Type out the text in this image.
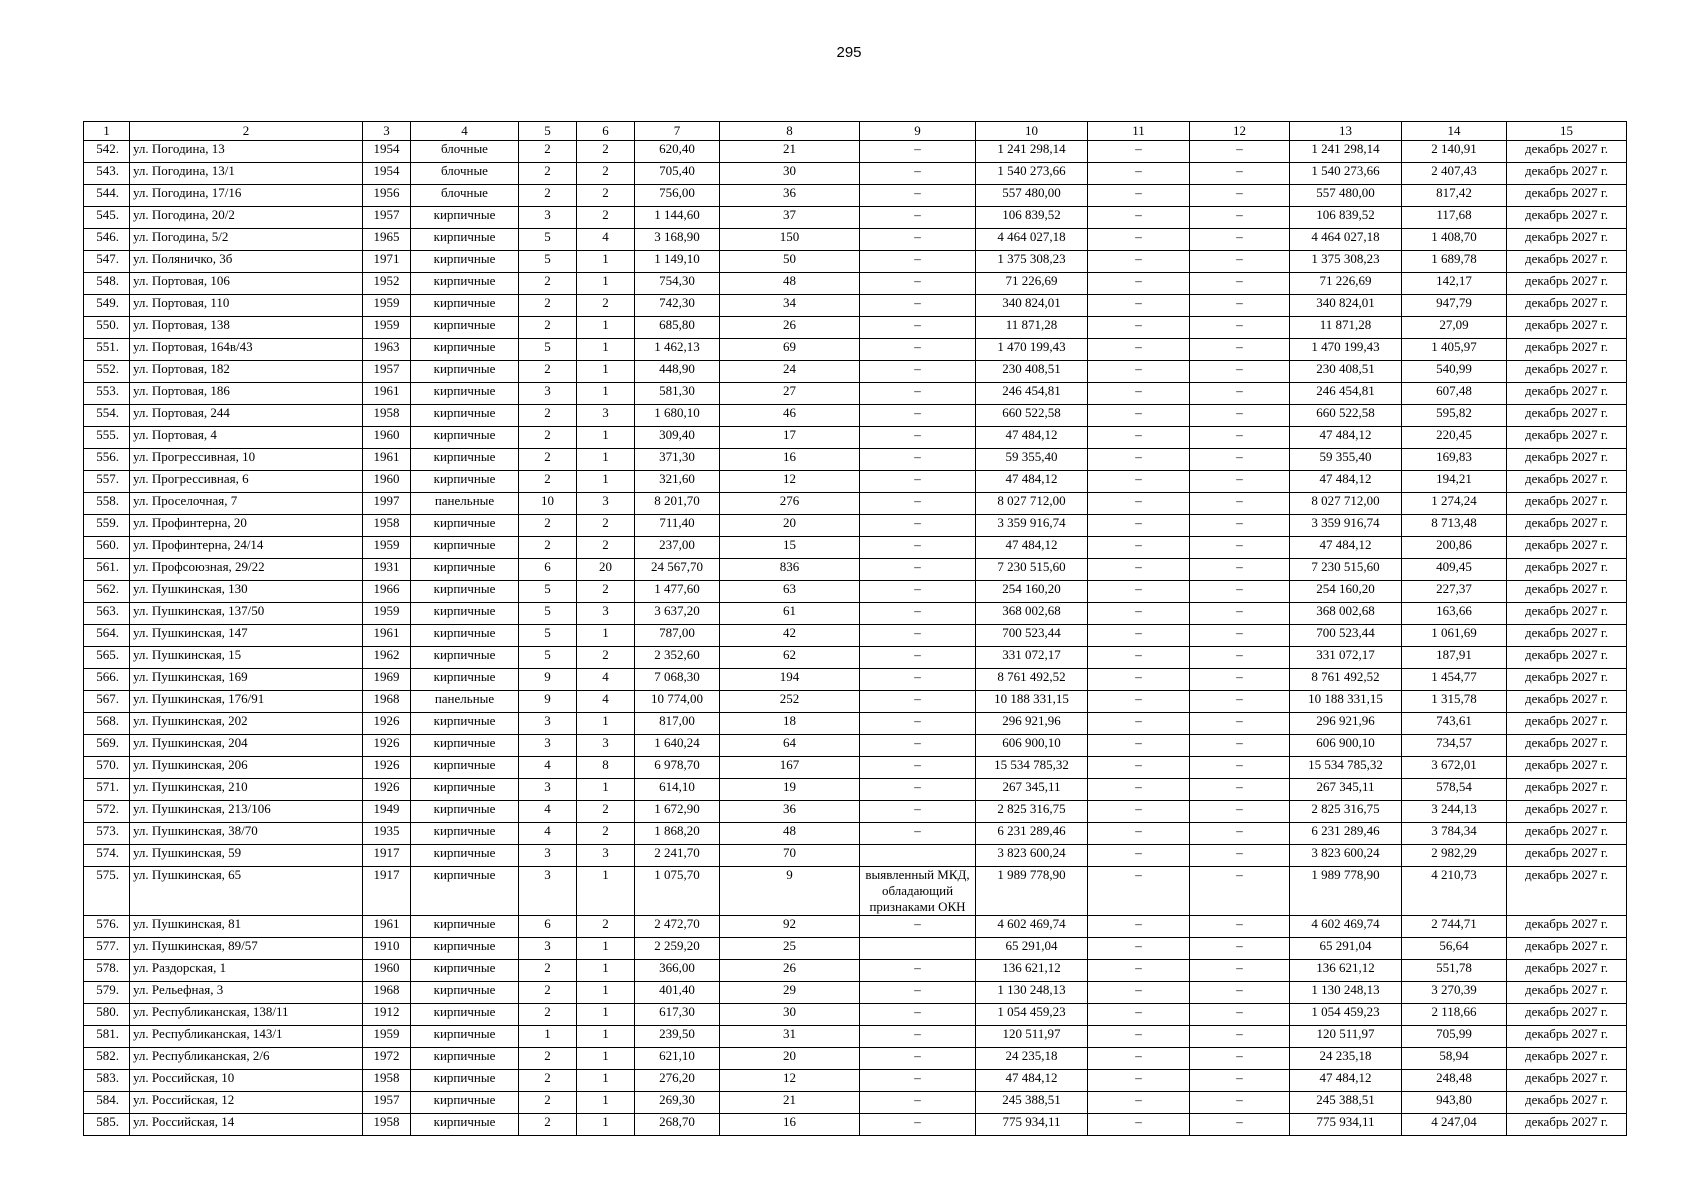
295
1	2	3	4	5	6	7	8	9	10	11	12	13	14	15
542.	ул. Погодина, 13	1954	блочные	2	2	620,40	21	–	1 241 298,14	–	–	1 241 298,14	2 140,91	декабрь 2027 г.
543.	ул. Погодина, 13/1	1954	блочные	2	2	705,40	30	–	1 540 273,66	–	–	1 540 273,66	2 407,43	декабрь 2027 г.
544.	ул. Погодина, 17/16	1956	блочные	2	2	756,00	36	–	557 480,00	–	–	557 480,00	817,42	декабрь 2027 г.
545.	ул. Погодина, 20/2	1957	кирпичные	3	2	1 144,60	37	–	106 839,52	–	–	106 839,52	117,68	декабрь 2027 г.
546.	ул. Погодина, 5/2	1965	кирпичные	5	4	3 168,90	150	–	4 464 027,18	–	–	4 464 027,18	1 408,70	декабрь 2027 г.
547.	ул. Поляничко, 3б	1971	кирпичные	5	1	1 149,10	50	–	1 375 308,23	–	–	1 375 308,23	1 689,78	декабрь 2027 г.
548.	ул. Портовая, 106	1952	кирпичные	2	1	754,30	48	–	71 226,69	–	–	71 226,69	142,17	декабрь 2027 г.
549.	ул. Портовая, 110	1959	кирпичные	2	2	742,30	34	–	340 824,01	–	–	340 824,01	947,79	декабрь 2027 г.
550.	ул. Портовая, 138	1959	кирпичные	2	1	685,80	26	–	11 871,28	–	–	11 871,28	27,09	декабрь 2027 г.
551.	ул. Портовая, 164в/43	1963	кирпичные	5	1	1 462,13	69	–	1 470 199,43	–	–	1 470 199,43	1 405,97	декабрь 2027 г.
552.	ул. Портовая, 182	1957	кирпичные	2	1	448,90	24	–	230 408,51	–	–	230 408,51	540,99	декабрь 2027 г.
553.	ул. Портовая, 186	1961	кирпичные	3	1	581,30	27	–	246 454,81	–	–	246 454,81	607,48	декабрь 2027 г.
554.	ул. Портовая, 244	1958	кирпичные	2	3	1 680,10	46	–	660 522,58	–	–	660 522,58	595,82	декабрь 2027 г.
555.	ул. Портовая, 4	1960	кирпичные	2	1	309,40	17	–	47 484,12	–	–	47 484,12	220,45	декабрь 2027 г.
556.	ул. Прогрессивная, 10	1961	кирпичные	2	1	371,30	16	–	59 355,40	–	–	59 355,40	169,83	декабрь 2027 г.
557.	ул. Прогрессивная, 6	1960	кирпичные	2	1	321,60	12	–	47 484,12	–	–	47 484,12	194,21	декабрь 2027 г.
558.	ул. Проселочная, 7	1997	панельные	10	3	8 201,70	276	–	8 027 712,00	–	–	8 027 712,00	1 274,24	декабрь 2027 г.
559.	ул. Профинтерна, 20	1958	кирпичные	2	2	711,40	20	–	3 359 916,74	–	–	3 359 916,74	8 713,48	декабрь 2027 г.
560.	ул. Профинтерна, 24/14	1959	кирпичные	2	2	237,00	15	–	47 484,12	–	–	47 484,12	200,86	декабрь 2027 г.
561.	ул. Профсоюзная, 29/22	1931	кирпичные	6	20	24 567,70	836	–	7 230 515,60	–	–	7 230 515,60	409,45	декабрь 2027 г.
562.	ул. Пушкинская, 130	1966	кирпичные	5	2	1 477,60	63	–	254 160,20	–	–	254 160,20	227,37	декабрь 2027 г.
563.	ул. Пушкинская, 137/50	1959	кирпичные	5	3	3 637,20	61	–	368 002,68	–	–	368 002,68	163,66	декабрь 2027 г.
564.	ул. Пушкинская, 147	1961	кирпичные	5	1	787,00	42	–	700 523,44	–	–	700 523,44	1 061,69	декабрь 2027 г.
565.	ул. Пушкинская, 15	1962	кирпичные	5	2	2 352,60	62	–	331 072,17	–	–	331 072,17	187,91	декабрь 2027 г.
566.	ул. Пушкинская, 169	1969	кирпичные	9	4	7 068,30	194	–	8 761 492,52	–	–	8 761 492,52	1 454,77	декабрь 2027 г.
567.	ул. Пушкинская, 176/91	1968	панельные	9	4	10 774,00	252	–	10 188 331,15	–	–	10 188 331,15	1 315,78	декабрь 2027 г.
568.	ул. Пушкинская, 202	1926	кирпичные	3	1	817,00	18	–	296 921,96	–	–	296 921,96	743,61	декабрь 2027 г.
569.	ул. Пушкинская, 204	1926	кирпичные	3	3	1 640,24	64	–	606 900,10	–	–	606 900,10	734,57	декабрь 2027 г.
570.	ул. Пушкинская, 206	1926	кирпичные	4	8	6 978,70	167	–	15 534 785,32	–	–	15 534 785,32	3 672,01	декабрь 2027 г.
571.	ул. Пушкинская, 210	1926	кирпичные	3	1	614,10	19	–	267 345,11	–	–	267 345,11	578,54	декабрь 2027 г.
572.	ул. Пушкинская, 213/106	1949	кирпичные	4	2	1 672,90	36	–	2 825 316,75	–	–	2 825 316,75	3 244,13	декабрь 2027 г.
573.	ул. Пушкинская, 38/70	1935	кирпичные	4	2	1 868,20	48	–	6 231 289,46	–	–	6 231 289,46	3 784,34	декабрь 2027 г.
574.	ул. Пушкинская, 59	1917	кирпичные	3	3	2 241,70	70		3 823 600,24	–	–	3 823 600,24	2 982,29	декабрь 2027 г.
575.	ул. Пушкинская, 65	1917	кирпичные	3	1	1 075,70	9	выявленный МКД, обладающий признаками ОКН	1 989 778,90	–	–	1 989 778,90	4 210,73	декабрь 2027 г.
576.	ул. Пушкинская, 81	1961	кирпичные	6	2	2 472,70	92	–	4 602 469,74	–	–	4 602 469,74	2 744,71	декабрь 2027 г.
577.	ул. Пушкинская, 89/57	1910	кирпичные	3	1	2 259,20	25		65 291,04	–	–	65 291,04	56,64	декабрь 2027 г.
578.	ул. Раздорская, 1	1960	кирпичные	2	1	366,00	26	–	136 621,12	–	–	136 621,12	551,78	декабрь 2027 г.
579.	ул. Рельефная, 3	1968	кирпичные	2	1	401,40	29	–	1 130 248,13	–	–	1 130 248,13	3 270,39	декабрь 2027 г.
580.	ул. Республиканская, 138/11	1912	кирпичные	2	1	617,30	30	–	1 054 459,23	–	–	1 054 459,23	2 118,66	декабрь 2027 г.
581.	ул. Республиканская, 143/1	1959	кирпичные	1	1	239,50	31	–	120 511,97	–	–	120 511,97	705,99	декабрь 2027 г.
582.	ул. Республиканская, 2/6	1972	кирпичные	2	1	621,10	20	–	24 235,18	–	–	24 235,18	58,94	декабрь 2027 г.
583.	ул. Российская, 10	1958	кирпичные	2	1	276,20	12	–	47 484,12	–	–	47 484,12	248,48	декабрь 2027 г.
584.	ул. Российская, 12	1957	кирпичные	2	1	269,30	21	–	245 388,51	–	–	245 388,51	943,80	декабрь 2027 г.
585.	ул. Российская, 14	1958	кирпичные	2	1	268,70	16	–	775 934,11	–	–	775 934,11	4 247,04	декабрь 2027 г.
